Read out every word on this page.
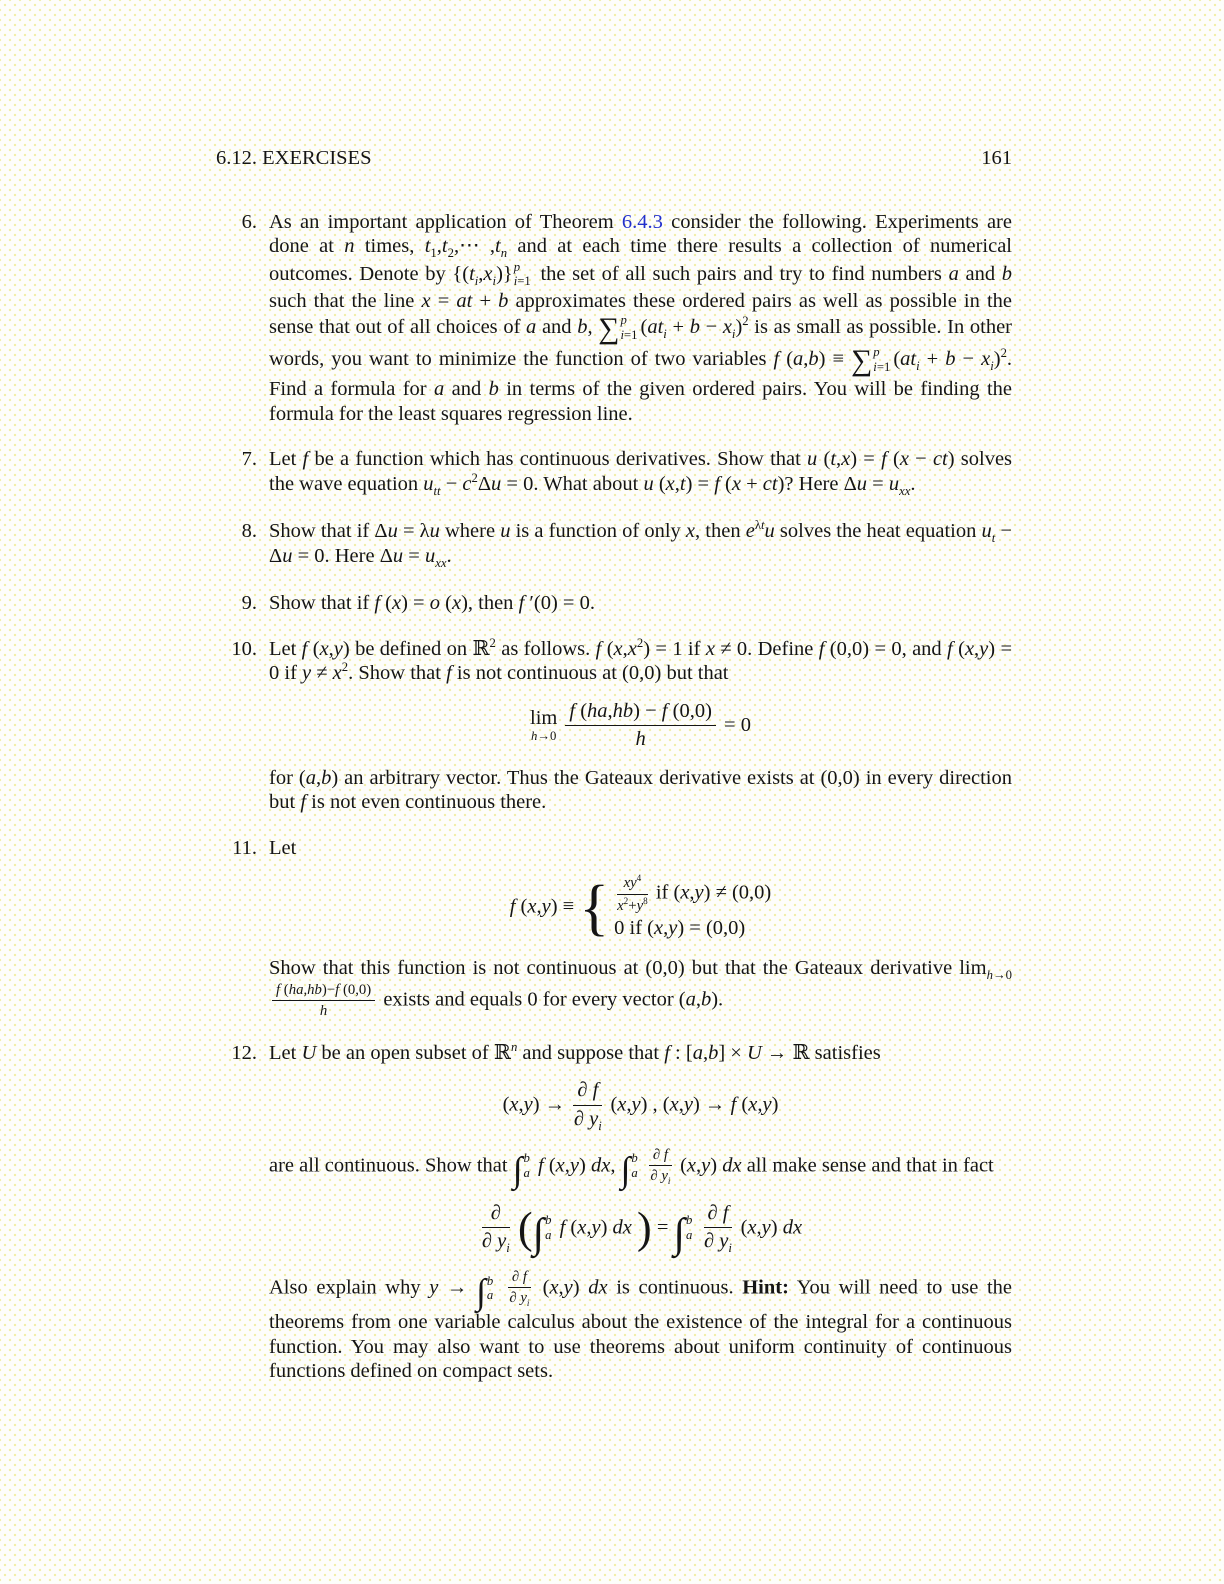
6.12. EXERCISES	161
6. As an important application of Theorem 6.4.3 consider the following. Experiments are done at n times, $t_1,t_2,\cdots$ $,t_n$ and at each time there results a collection of numerical outcomes. Denote by $\{(t_i,x_i)\}$ p
i=1 the set of all such pairs and try to find numbers a and b such that the line x = at + b approximates these ordered pairs as well as possible in the sense that out of all choices of a and b, ∑ p
i=1 $(at_i + b - x_i)^2$ is as small as possible. In other words, you want to minimize the function of two variables f (a,b) ≡ ∑ p
i=1 $(at_i + b - x_i)^2$. Find a formula for a and b in terms of the given ordered pairs. You will be finding the formula for the least squares regression line.

7. Let f be a function which has continuous derivatives. Show that u (t,x) = f (x − ct) solves the wave equation $u_{tt} - c^2\Delta u = 0$. What about u (x,t) = f (x + ct)? Here $\Delta u = u_{xx}$.

8. Show that if Δu = λu where u is a function of only x, then $e^{\lambda t}u$ solves the heat equation $u_t - \Delta u = 0$. Here $\Delta u = u_{xx}$.

9. Show that if f (x) = o (x), then f ′(0) = 0.

10. Let f (x,y) be defined on ℝ$^2$ as follows. f $(x,x^2) = 1$ if x ≠ 0. Define f (0,0) = 0, and f (x,y) = 0 if $y \ne x^2$. Show that f is not continuous at (0,0) but that

lim
$h\to 0 \frac{f (ha,hb) - f (0,0)}{h} = 0$

for (a,b) an arbitrary vector. Thus the Gateaux derivative exists at (0,0) in every direction but f is not even continuous there.

11. Let

f (x,y) ≡ { $\frac{xy^4}{x^2+y^8}$ if (x,y) ≠ (0,0)
0 if (x,y) = (0,0)

Show that this function is not continuous at (0,0) but that the Gateaux derivative $\lim_{h\to 0}$
$\frac{f (ha,hb)-f (0,0)}{h}$ exists and equals 0 for every vector (a,b).

12. Let U be an open subset of ℝ$^n$ and suppose that f : [a,b] × U → ℝ satisfies

$(x,y) \to \frac{\partial f}{\partial y_i} (x,y)$ , (x,y) → f (x,y)

are all continuous. Show that ∫ b
a f (x,y) dx, ∫ b
a
$\frac{\partial f}{\partial y_i} (x,y)$ dx all make sense and that in fact

$\frac{\partial}{\partial y_i}$ (∫ b
a f (x,y) dx ) = ∫ b
a
$\frac{\partial f}{\partial y_i} (x,y)$ dx

Also explain why y → ∫ b
a
$\frac{\partial f}{\partial y_i} (x,y)$ dx is continuous. Hint: You will need to use the theorems from one variable calculus about the existence of the integral for a continuous function. You may also want to use theorems about uniform continuity of continuous functions defined on compact sets.
